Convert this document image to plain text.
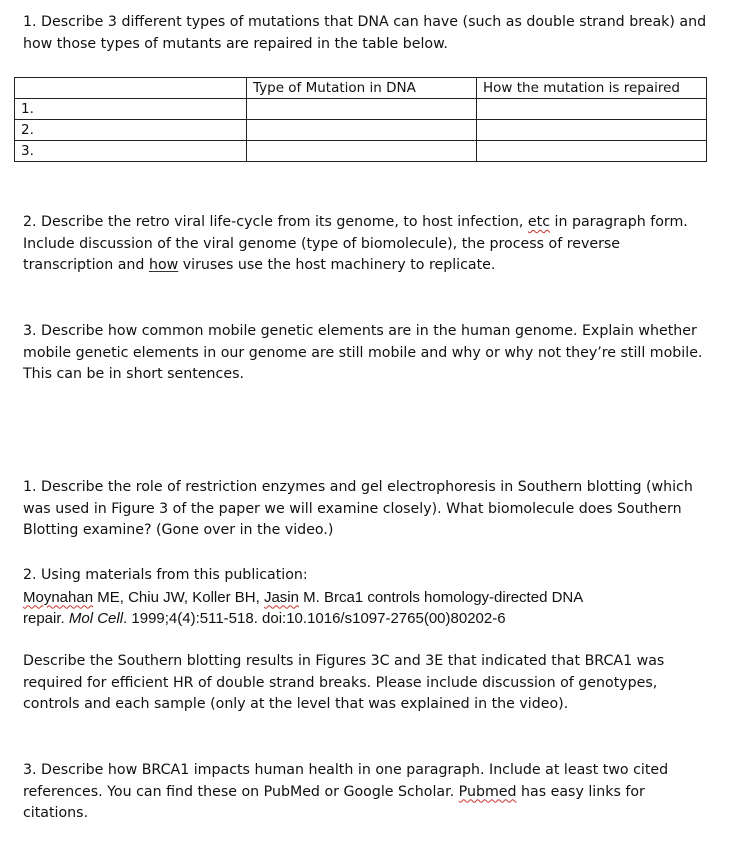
1. Describe 3 different types of mutations that DNA can have (such as double strand break) and
how those types of mutants are repaired in the table below.
	Type of Mutation in DNA	How the mutation is repaired
1.		
2.		
3.		
2. Describe the retro viral life-cycle from its genome, to host infection, etc in paragraph form.
Include discussion of the viral genome (type of biomolecule), the process of reverse
transcription and how viruses use the host machinery to replicate.
3. Describe how common mobile genetic elements are in the human genome. Explain whether
mobile genetic elements in our genome are still mobile and why or why not they’re still mobile.
This can be in short sentences.
1. Describe the role of restriction enzymes and gel electrophoresis in Southern blotting (which
was used in Figure 3 of the paper we will examine closely). What biomolecule does Southern
Blotting examine? (Gone over in the video.)
2. Using materials from this publication:
Moynahan ME, Chiu JW, Koller BH, Jasin M. Brca1 controls homology-directed DNA
repair. Mol Cell. 1999;4(4):511-518. doi:10.1016/s1097-2765(00)80202-6
Describe the Southern blotting results in Figures 3C and 3E that indicated that BRCA1 was
required for efficient HR of double strand breaks. Please include discussion of genotypes,
controls and each sample (only at the level that was explained in the video).
3. Describe how BRCA1 impacts human health in one paragraph. Include at least two cited
references. You can find these on PubMed or Google Scholar. Pubmed has easy links for
citations.
